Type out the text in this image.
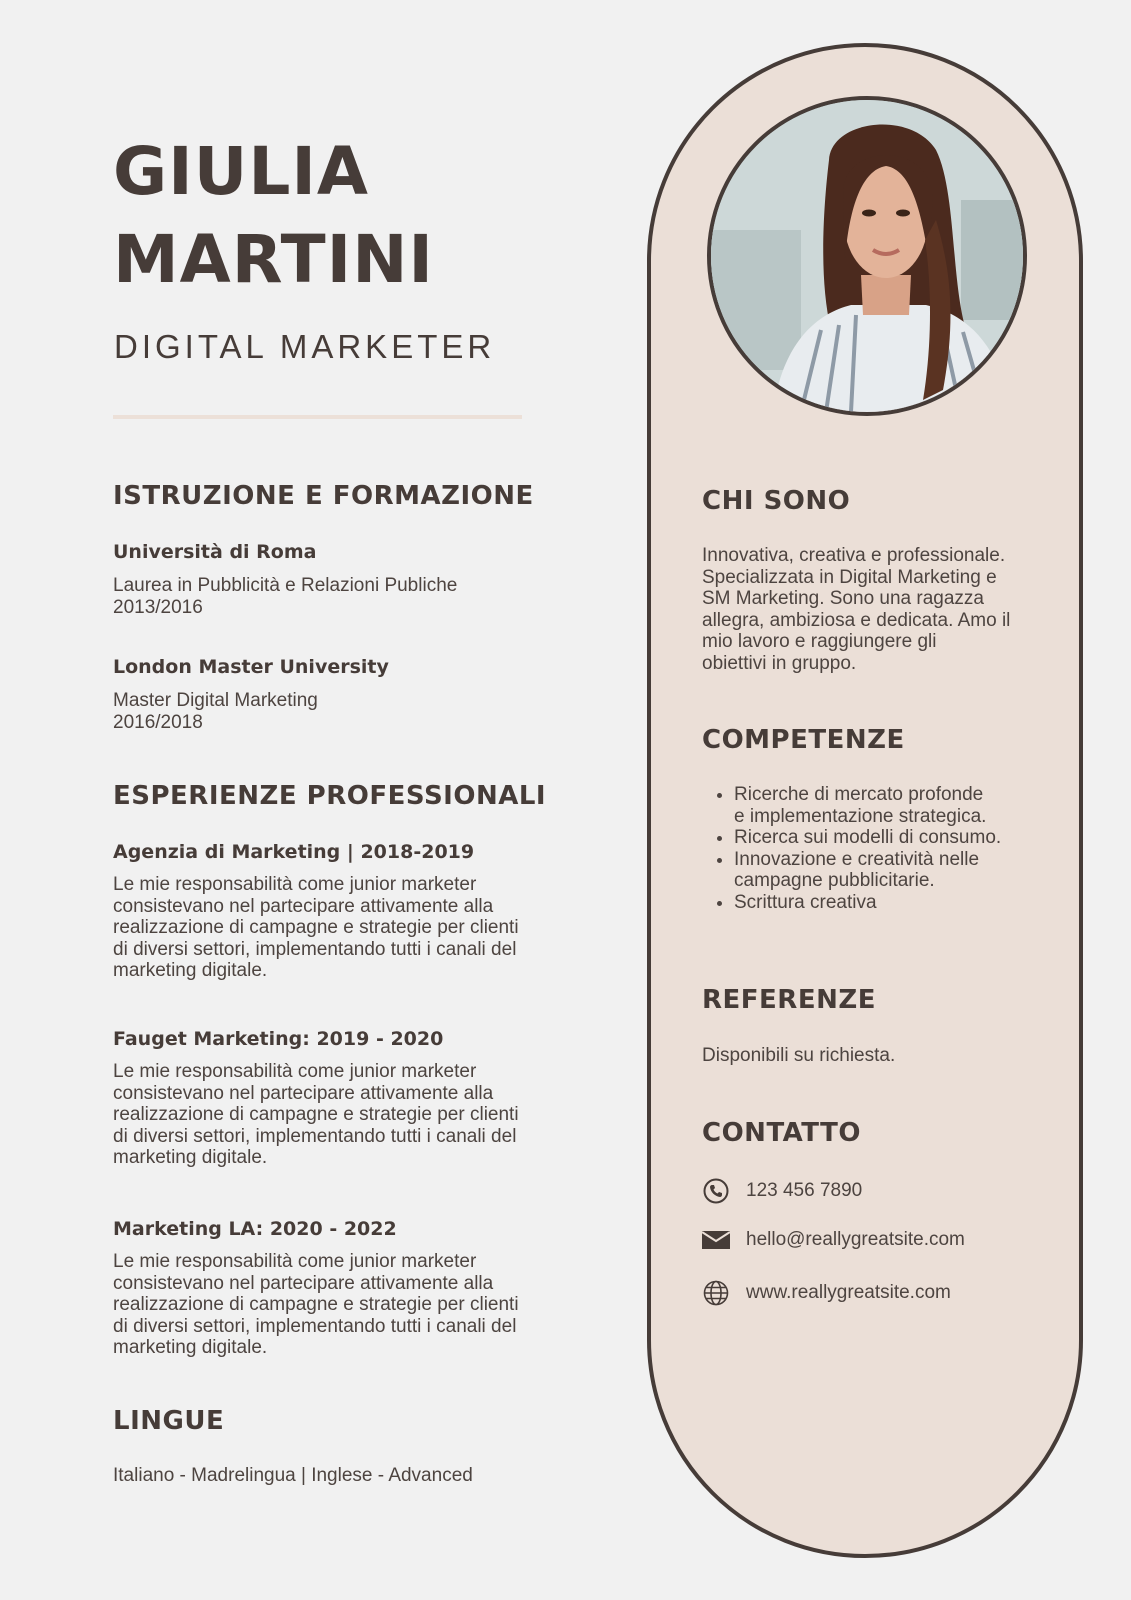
GIULIA
MARTINI

DIGITAL MARKETER

ISTRUZIONE E FORMAZIONE

Università di Roma

Laurea in Pubblicità e Relazioni Publiche

2013/2016

London Master University

Master Digital Marketing

2016/2018

ESPERIENZE PROFESSIONALI

Agenzia di Marketing | 2018-2019

Le mie responsabilità come junior marketer
consistevano nel partecipare attivamente alla
realizzazione di campagne e strategie per clienti
di diversi settori, implementando tutti i canali del
marketing digitale.

Fauget Marketing: 2019 - 2020

Le mie responsabilità come junior marketer
consistevano nel partecipare attivamente alla
realizzazione di campagne e strategie per clienti
di diversi settori, implementando tutti i canali del
marketing digitale.

Marketing LA: 2020 - 2022

Le mie responsabilità come junior marketer
consistevano nel partecipare attivamente alla
realizzazione di campagne e strategie per clienti
di diversi settori, implementando tutti i canali del
marketing digitale.
LINGUE

Italiano - Madrelingua | Inglese - Advanced

CHI SONO
Innovativa, creativa e professionale.
Specializzata in Digital Marketing e
SM Marketing. Sono una ragazza
allegra, ambiziosa e dedicata. Amo il
mio lavoro e raggiungere gli
obiettivi in gruppo.
COMPETENZE
• Ricerche di mercato profonde
e implementazione strategica.
• Ricerca sui modelli di consumo.
• Innovazione e creatività nelle
campagne pubblicitarie.
• Scrittura creativa
REFERENZE

Disponibili su richiesta.

CONTATTO
123 456 7890
hello@reallygreatsite.com
www.reallygreatsite.com
